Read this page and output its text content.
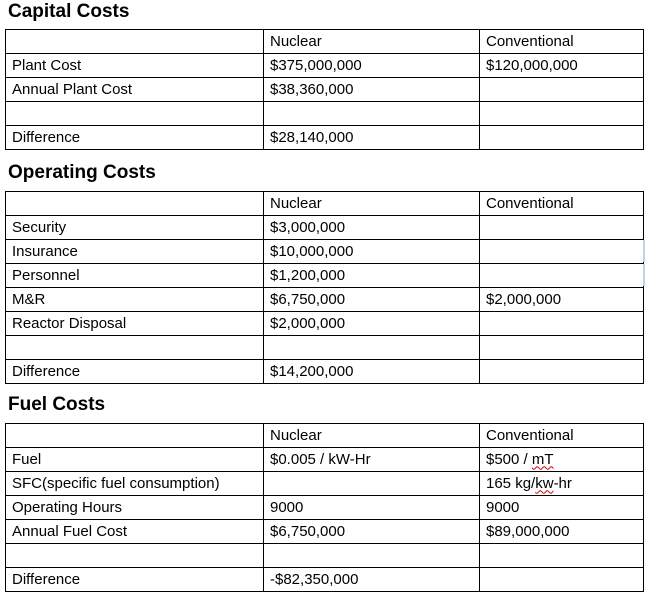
Capital Costs
	Nuclear	Conventional
Plant Cost	$375,000,000	$120,000,000
Annual Plant Cost	$38,360,000	

Difference	$28,140,000	
Operating Costs
	Nuclear	Conventional
Security	$3,000,000	
Insurance	$10,000,000	
Personnel	$1,200,000	
M&R	$6,750,000	$2,000,000
Reactor Disposal	$2,000,000	

Difference	$14,200,000	
Fuel Costs
	Nuclear	Conventional
Fuel	$0.005 / kW-Hr	$500 / mT
SFC(specific fuel consumption)		165 kg/kw-hr
Operating Hours	9000	9000
Annual Fuel Cost	$6,750,000	$89,000,000

Difference	-$82,350,000	
